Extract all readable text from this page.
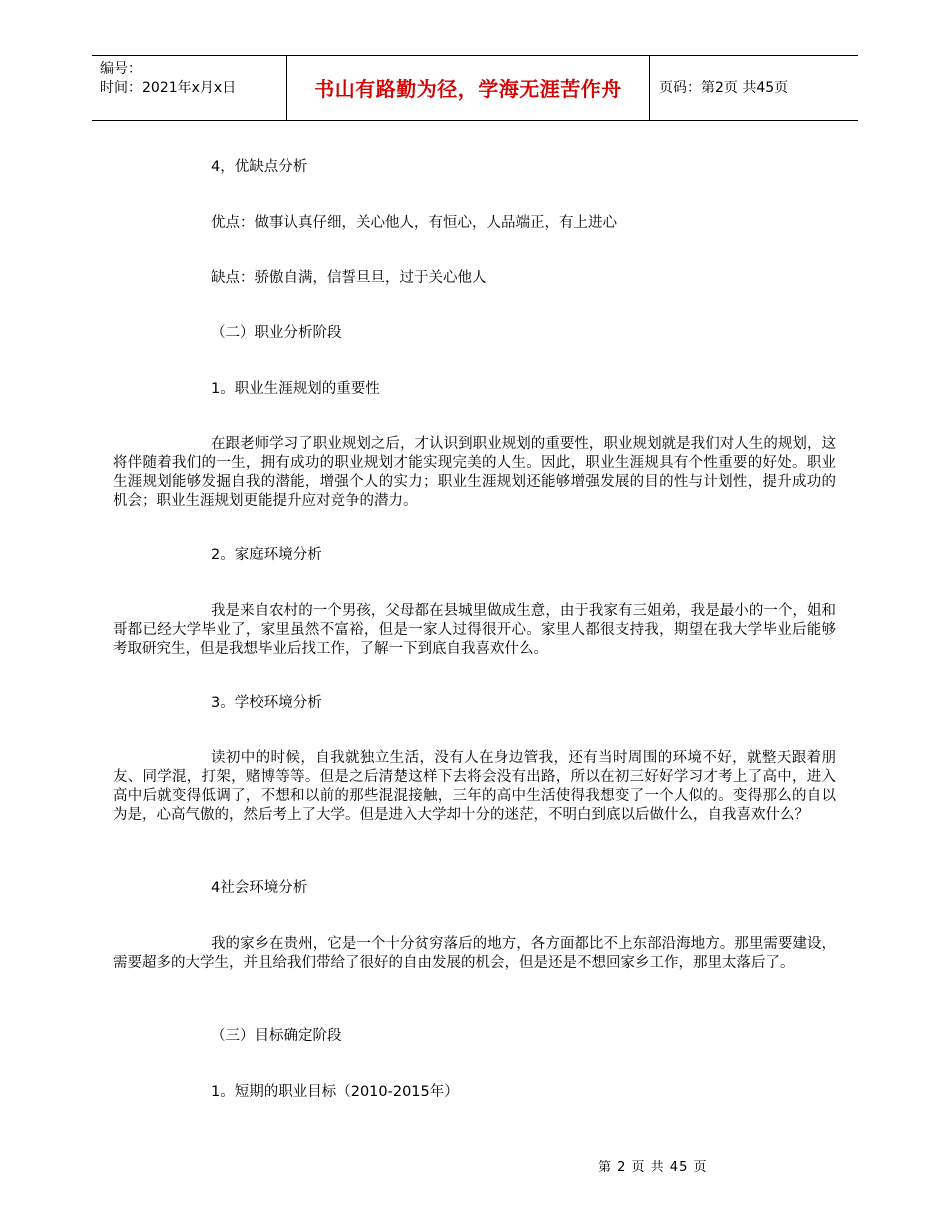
编号：
时间：2021年x月x日	书山有路勤为径，学海无涯苦作舟	页码：第2页 共45页

4，优缺点分析

优点：做事认真仔细，关心他人，有恒心，人品端正，有上进心

缺点：骄傲自满，信誓旦旦，过于关心他人

（二）职业分析阶段

1。职业生涯规划的重要性

在跟老师学习了职业规划之后，才认识到职业规划的重要性，职业规划就是我们对人生的规划，这将伴随着我们的一生，拥有成功的职业规划才能实现完美的人生。因此，职业生涯规具有个性重要的好处。职业生涯规划能够发掘自我的潜能，增强个人的实力；职业生涯规划还能够增强发展的目的性与计划性，提升成功的机会；职业生涯规划更能提升应对竞争的潜力。

2。家庭环境分析

我是来自农村的一个男孩，父母都在县城里做成生意，由于我家有三姐弟，我是最小的一个，姐和哥都已经大学毕业了，家里虽然不富裕，但是一家人过得很开心。家里人都很支持我，期望在我大学毕业后能够考取研究生，但是我想毕业后找工作，了解一下到底自我喜欢什么。

3。学校环境分析

读初中的时候，自我就独立生活，没有人在身边管我，还有当时周围的环境不好，就整天跟着朋友、同学混，打架，赌博等等。但是之后清楚这样下去将会没有出路，所以在初三好好学习才考上了高中，进入高中后就变得低调了，不想和以前的那些混混接触，三年的高中生活使得我想变了一个人似的。变得那么的自以为是，心高气傲的，然后考上了大学。但是进入大学却十分的迷茫，不明白到底以后做什么，自我喜欢什么？

4社会环境分析

我的家乡在贵州，它是一个十分贫穷落后的地方，各方面都比不上东部沿海地方。那里需要建设，需要超多的大学生，并且给我们带给了很好的自由发展的机会，但是还是不想回家乡工作，那里太落后了。

（三）目标确定阶段

1。短期的职业目标（2010-2015年）

第 2 页 共 45 页
